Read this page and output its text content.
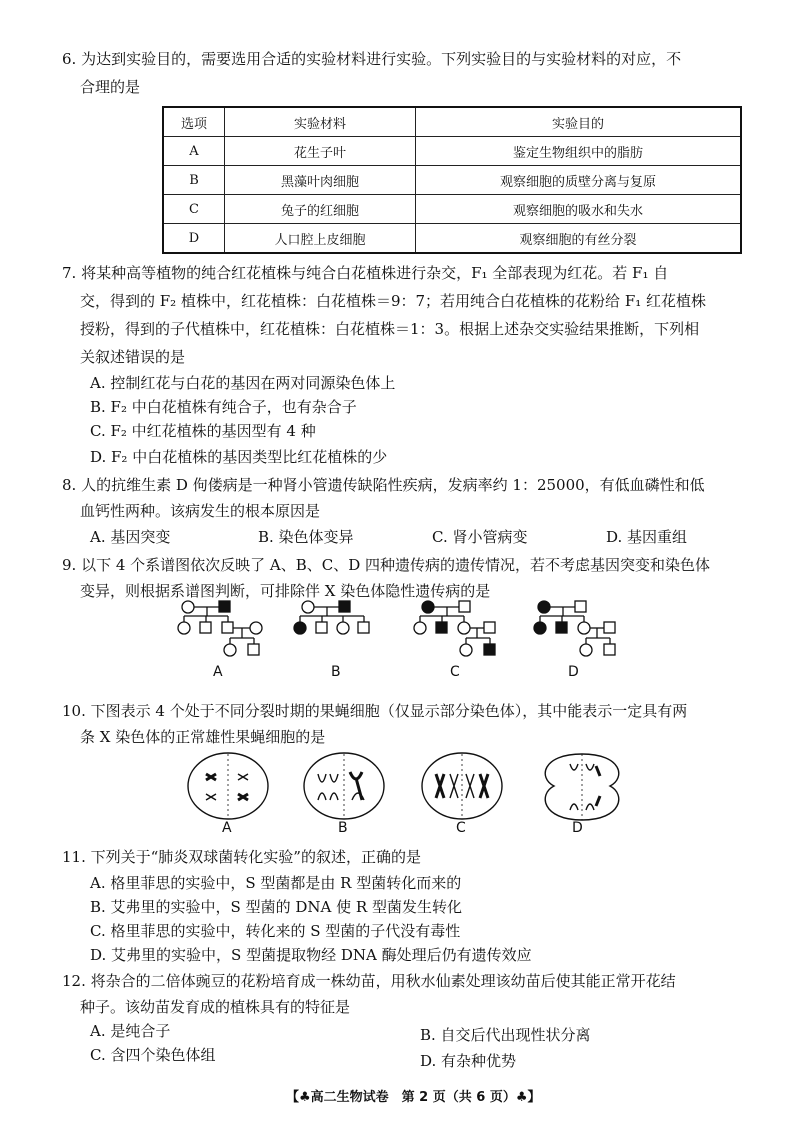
6. 为达到实验目的，需要选用合适的实验材料进行实验。下列实验目的与实验材料的对应，不
合理的是
选项	实验材料	实验目的
A	花生子叶	鉴定生物组织中的脂肪
B	黑藻叶肉细胞	观察细胞的质壁分离与复原
C	兔子的红细胞	观察细胞的吸水和失水
D	人口腔上皮细胞	观察细胞的有丝分裂
7. 将某种高等植物的纯合红花植株与纯合白花植株进行杂交，F₁ 全部表现为红花。若 F₁ 自
交，得到的 F₂ 植株中，红花植株：白花植株＝9：7；若用纯合白花植株的花粉给 F₁ 红花植株
授粉，得到的子代植株中，红花植株：白花植株＝1：3。根据上述杂交实验结果推断，下列相
关叙述错误的是
A. 控制红花与白花的基因在两对同源染色体上
B. F₂ 中白花植株有纯合子，也有杂合子
C. F₂ 中红花植株的基因型有 4 种
D. F₂ 中白花植株的基因类型比红花植株的少
8. 人的抗维生素 D 佝偻病是一种肾小管遗传缺陷性疾病，发病率约 1：25000，有低血磷性和低
血钙性两种。该病发生的根本原因是
A. 基因突变	B. 染色体变异	C. 肾小管病变	D. 基因重组
9. 以下 4 个系谱图依次反映了 A、B、C、D 四种遗传病的遗传情况，若不考虑基因突变和染色体
变异，则根据系谱图判断，可排除伴 X 染色体隐性遗传病的是
A	B	C	D
10. 下图表示 4 个处于不同分裂时期的果蝇细胞（仅显示部分染色体），其中能表示一定具有两
条 X 染色体的正常雄性果蝇细胞的是
A	B	C	D
11. 下列关于“肺炎双球菌转化实验”的叙述，正确的是
A. 格里菲思的实验中，S 型菌都是由 R 型菌转化而来的
B. 艾弗里的实验中，S 型菌的 DNA 使 R 型菌发生转化
C. 格里菲思的实验中，转化来的 S 型菌的子代没有毒性
D. 艾弗里的实验中，S 型菌提取物经 DNA 酶处理后仍有遗传效应
12. 将杂合的二倍体豌豆的花粉培育成一株幼苗，用秋水仙素处理该幼苗后使其能正常开花结
种子。该幼苗发育成的植株具有的特征是
A. 是纯合子	B. 自交后代出现性状分离
C. 含四个染色体组	D. 有杂种优势
【♣高二生物试卷　第 2 页（共 6 页）♣】
